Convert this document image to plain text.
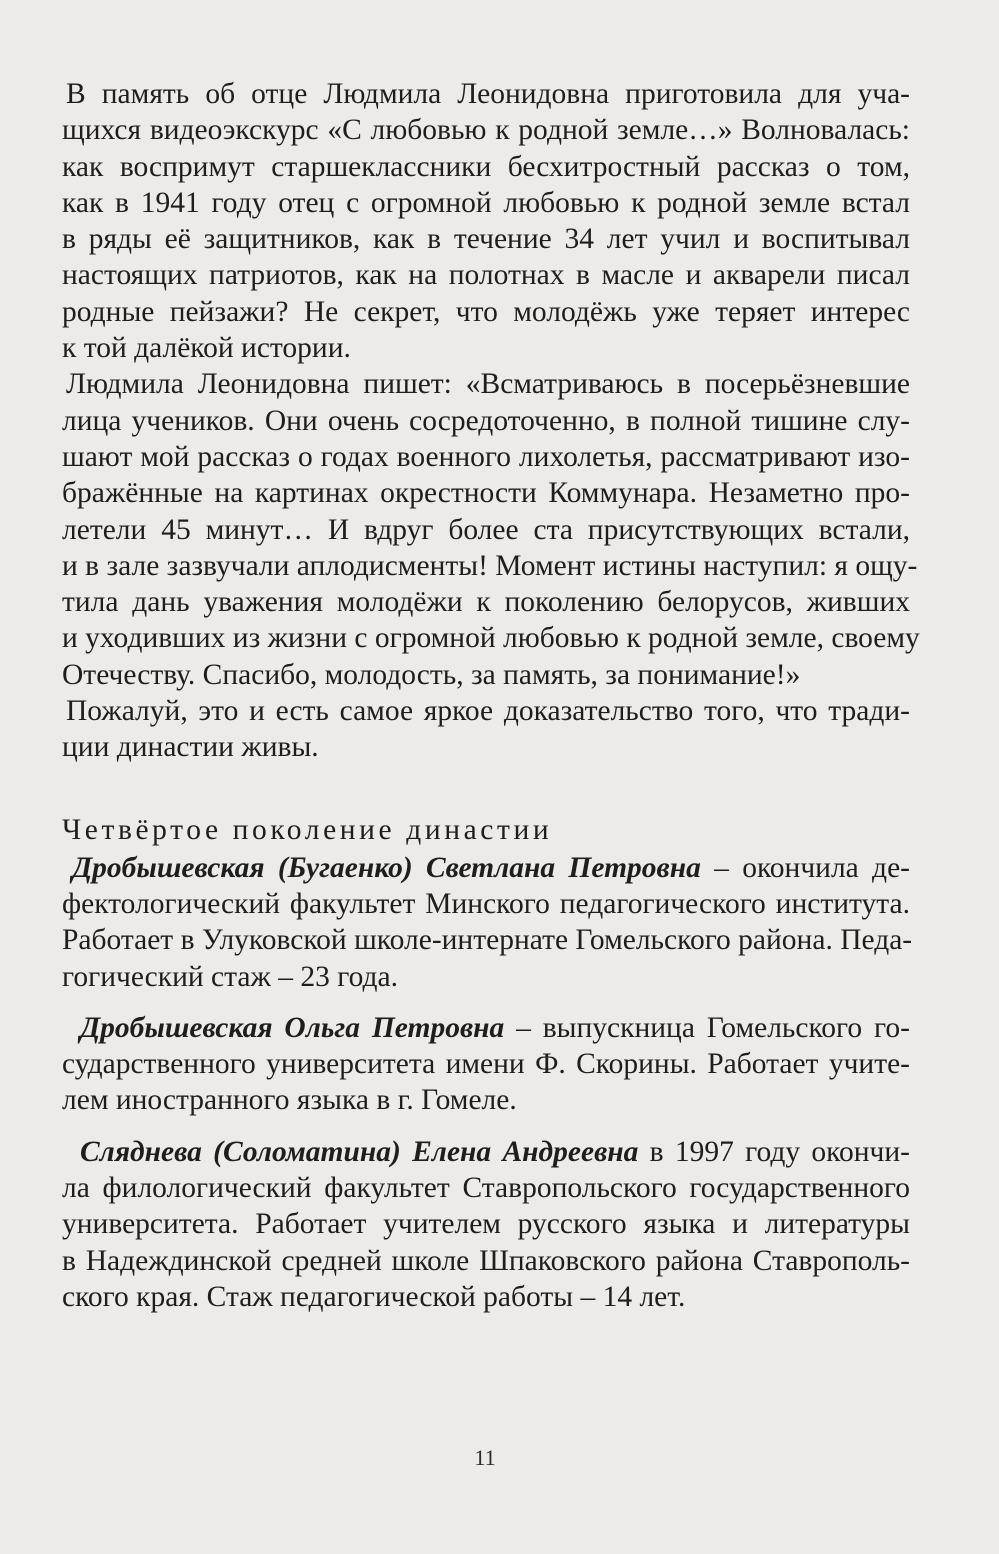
В память об отце Людмила Леонидовна приготовила для уча-
щихся видеоэкскурс «С любовью к родной земле…» Волновалась:
как воспримут старшеклассники бесхитростный рассказ о том,
как в 1941 году отец с огромной любовью к родной земле встал
в ряды её защитников, как в течение 34 лет учил и воспитывал
настоящих патриотов, как на полотнах в масле и акварели писал
родные пейзажи? Не секрет, что молодёжь уже теряет интерес
к той далёкой истории.
Людмила Леонидовна пишет: «Всматриваюсь в посерьёзневшие
лица учеников. Они очень сосредоточенно, в полной тишине слу-
шают мой рассказ о годах военного лихолетья, рассматривают изо-
бражённые на картинах окрестности Коммунара. Незаметно про-
летели 45 минут… И вдруг более ста присутствующих встали,
и в зале зазвучали аплодисменты! Момент истины наступил: я ощу-
тила дань уважения молодёжи к поколению белорусов, живших
и уходивших из жизни с огромной любовью к родной земле, своему
Отечеству. Спасибо, молодость, за память, за понимание!»
Пожалуй, это и есть самое яркое доказательство того, что тради-
ции династии живы.
Четвёртое поколение династии
Дробышевская (Бугаенко) Светлана Петровна – окончила де-
фектологический факультет Минского педагогического института.
Работает в Улуковской школе-интернате Гомельского района. Педа-
гогический стаж – 23 года.
Дробышевская Ольга Петровна – выпускница Гомельского го-
сударственного университета имени Ф. Скорины. Работает учите-
лем иностранного языка в г. Гомеле.
Сляднева (Соломатина) Елена Андреевна в 1997 году окончи-
ла филологический факультет Ставропольского государственного
университета. Работает учителем русского языка и литературы
в Надеждинской средней школе Шпаковского района Ставрополь-
ского края. Стаж педагогической работы – 14 лет.
11
